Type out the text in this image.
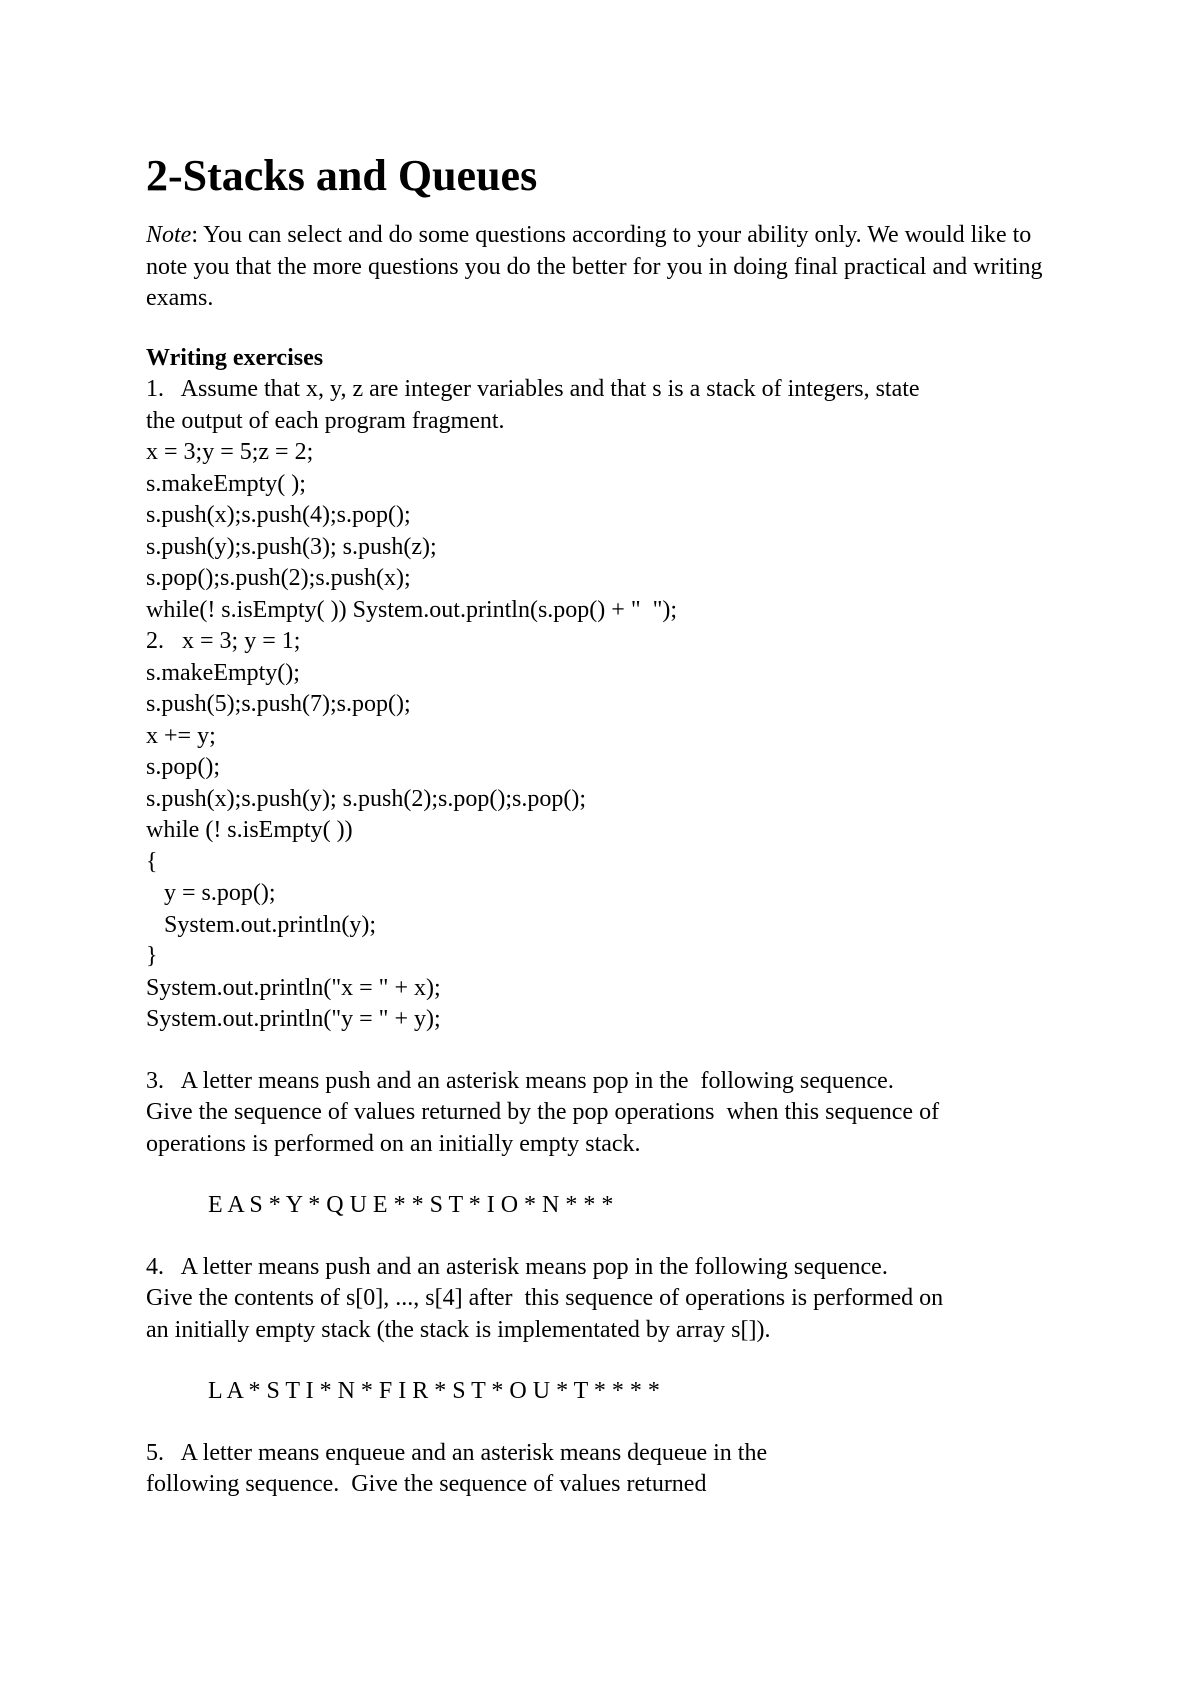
2-Stacks and Queues

Note: You can select and do some questions according to your ability only. We would like to note you that the more questions you do the better for you in doing final practical and writing exams.

Writing exercises

1.   Assume that x, y, z are integer variables and that s is a stack of integers, state

the output of each program fragment.

x = 3;y = 5;z = 2;

s.makeEmpty( );

s.push(x);s.push(4);s.pop();

s.push(y);s.push(3); s.push(z);

s.pop();s.push(2);s.push(x);

while(! s.isEmpty( )) System.out.println(s.pop() + "  ");

2.   x = 3; y = 1;

s.makeEmpty();

s.push(5);s.push(7);s.pop();

x += y;

s.pop();

s.push(x);s.push(y); s.push(2);s.pop();s.pop();

while (! s.isEmpty( ))

{

y = s.pop();

System.out.println(y);

}

System.out.println("x = " + x);

System.out.println("y = " + y);

3.   A letter means push and an asterisk means pop in the  following sequence.

Give the sequence of values returned by the pop operations  when this sequence of

operations is performed on an initially empty stack.

E A S * Y * Q U E * * S T * I O * N * * *

4.   A letter means push and an asterisk means pop in the following sequence.

Give the contents of s[0], ..., s[4] after  this sequence of operations is performed on

an initially empty stack (the stack is implementated by array s[]).

L A * S T I * N * F I R * S T * O U * T * * * *

5.   A letter means enqueue and an asterisk means dequeue in the

following sequence.  Give the sequence of values returned
